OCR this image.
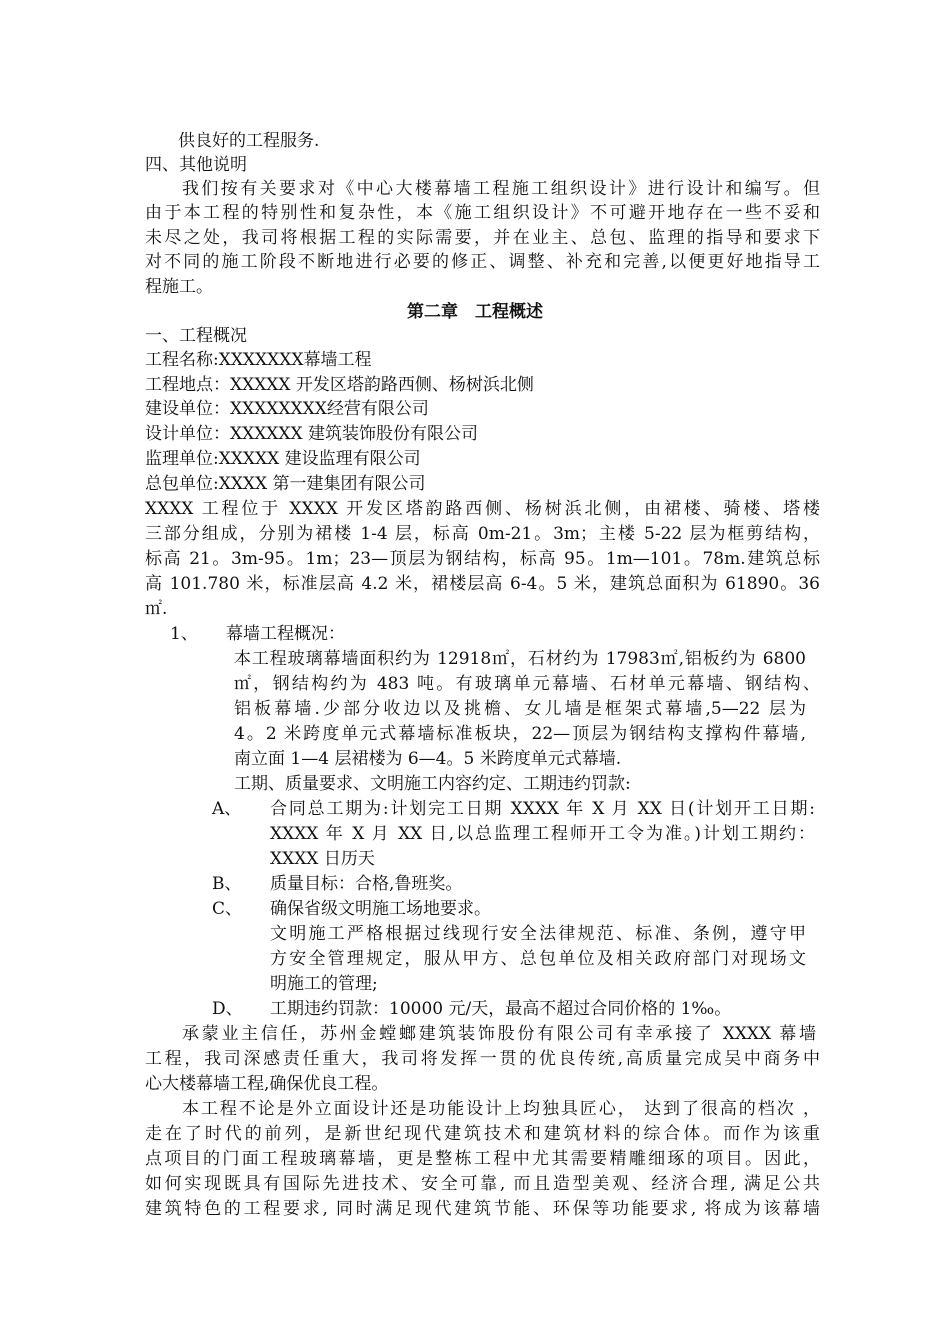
供良好的工程服务.
四、其他说明
我们按有关要求对《中心大楼幕墙工程施工组织设计》进行设计和编写。但
由于本工程的特别性和复杂性，本《施工组织设计》不可避开地存在一些不妥和
未尽之处，我司将根据工程的实际需要，并在业主、总包、监理的指导和要求下
对不同的施工阶段不断地进行必要的修正、调整、补充和完善,以便更好地指导工
程施工。
第二章　工程概述
一、工程概况
工程名称:XXXXXXX幕墙工程
工程地点：XXXXX 开发区塔韵路西侧、杨树浜北侧
建设单位：XXXXXXXX经营有限公司
设计单位：XXXXXX 建筑装饰股份有限公司
监理单位:XXXXX 建设监理有限公司
总包单位:XXXX 第一建集团有限公司
XXXX 工程位于 XXXX 开发区塔韵路西侧、杨树浜北侧，由裙楼、骑楼、塔楼
三部分组成，分别为裙楼 1-4 层，标高 0m-21。3m；主楼 5-22 层为框剪结构，
标高 21。3m-95。1m；23—顶层为钢结构，标高 95。1m—101。78m.建筑总标
高 101.780 米，标准层高 4.2 米，裙楼层高 6-4。5 米，建筑总面积为 61890。36
㎡.
1、 幕墙工程概况：
本工程玻璃幕墙面积约为 12918㎡，石材约为 17983㎡,铝板约为 6800
㎡，钢结构约为 483 吨。有玻璃单元幕墙、石材单元幕墙、钢结构、
铝板幕墙.少部分收边以及挑檐、女儿墙是框架式幕墙,5—22 层为
4。2 米跨度单元式幕墙标准板块，22—顶层为钢结构支撑构件幕墙,
南立面 1—4 层裙楼为 6—4。5 米跨度单元式幕墙.
工期、质量要求、文明施工内容约定、工期违约罚款:
A、 合同总工期为:计划完工日期 XXXX 年 X 月 XX 日(计划开工日期:
XXXX 年 X 月 XX 日,以总监理工程师开工令为准。)计划工期约：
XXXX 日历天
B、 质量目标：合格,鲁班奖。
C、 确保省级文明施工场地要求。
文明施工严格根据过线现行安全法律规范、标准、条例，遵守甲
方安全管理规定，服从甲方、总包单位及相关政府部门对现场文
明施工的管理;
D、 工期违约罚款：10000 元/天，最高不超过合同价格的 1‰。
承蒙业主信任，苏州金螳螂建筑装饰股份有限公司有幸承接了 XXXX 幕墙
工程，我司深感责任重大，我司将发挥一贯的优良传统,高质量完成吴中商务中
心大楼幕墙工程,确保优良工程。
本工程不论是外立面设计还是功能设计上均独具匠心， 达到了很高的档次 ，
走在了时代的前列，是新世纪现代建筑技术和建筑材料的综合体。而作为该重
点项目的门面工程玻璃幕墙，更是整栋工程中尤其需要精雕细琢的项目。因此，
如何实现既具有国际先进技术、安全可靠, 而且造型美观、经济合理, 满足公共
建筑特色的工程要求, 同时满足现代建筑节能、环保等功能要求, 将成为该幕墙
